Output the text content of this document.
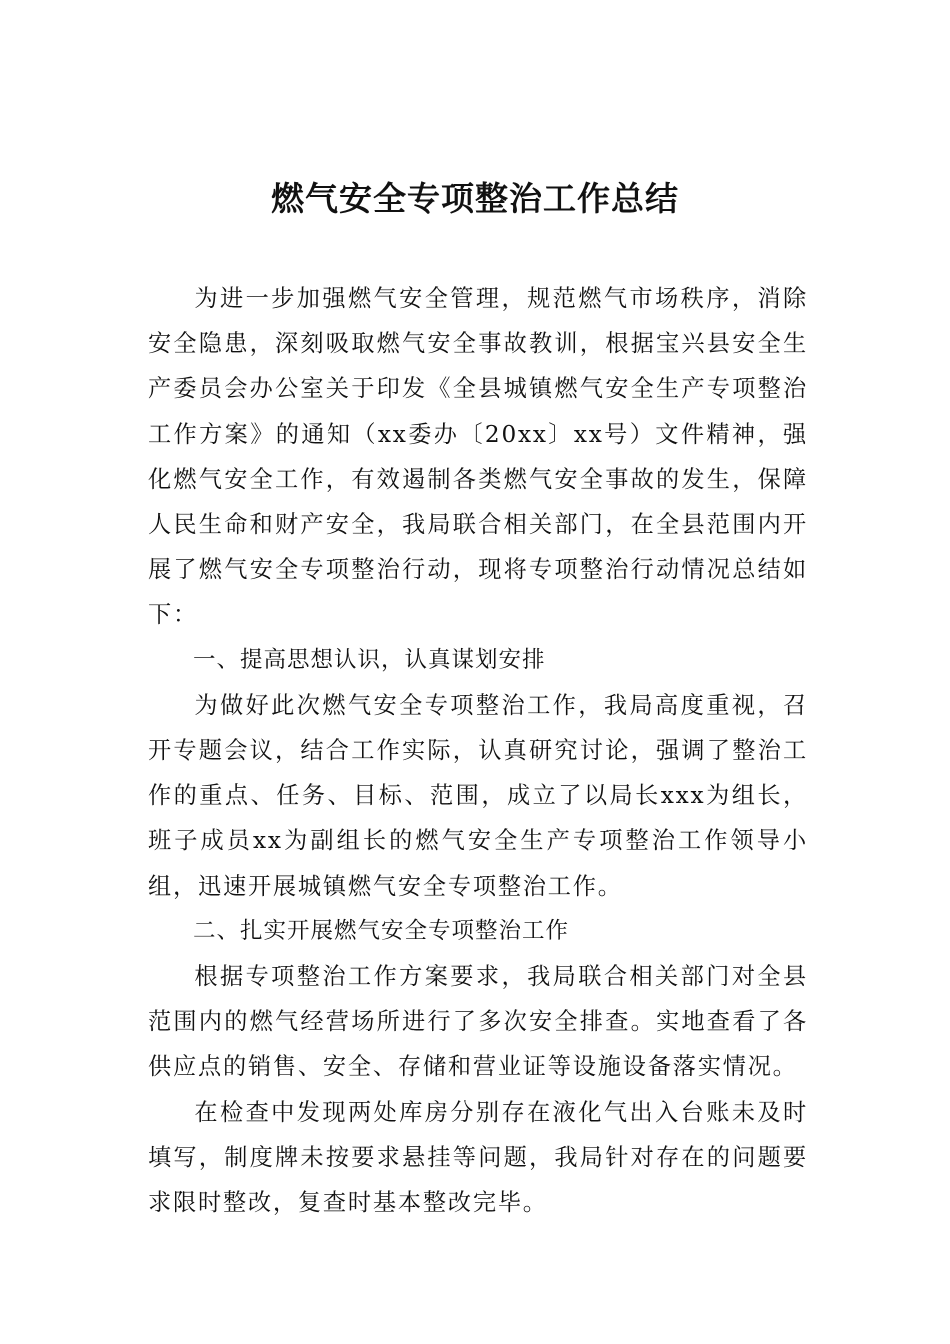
燃气安全专项整治工作总结

为进一步加强燃气安全管理，规范燃气市场秩序，消除安全隐患，深刻吸取燃气安全事故教训，根据宝兴县安全生产委员会办公室关于印发《全县城镇燃气安全生产专项整治工作方案》的通知（xx委办〔20xx〕xx号）文件精神，强化燃气安全工作，有效遏制各类燃气安全事故的发生，保障人民生命和财产安全，我局联合相关部门，在全县范围内开展了燃气安全专项整治行动，现将专项整治行动情况总结如下：

一、提高思想认识，认真谋划安排

为做好此次燃气安全专项整治工作，我局高度重视，召开专题会议，结合工作实际，认真研究讨论，强调了整治工作的重点、任务、目标、范围，成立了以局长xxx为组长，班子成员xx为副组长的燃气安全生产专项整治工作领导小组，迅速开展城镇燃气安全专项整治工作。

二、扎实开展燃气安全专项整治工作

根据专项整治工作方案要求，我局联合相关部门对全县范围内的燃气经营场所进行了多次安全排查。实地查看了各供应点的销售、安全、存储和营业证等设施设备落实情况。

在检查中发现两处库房分别存在液化气出入台账未及时填写，制度牌未按要求悬挂等问题，我局针对存在的问题要求限时整改，复查时基本整改完毕。
